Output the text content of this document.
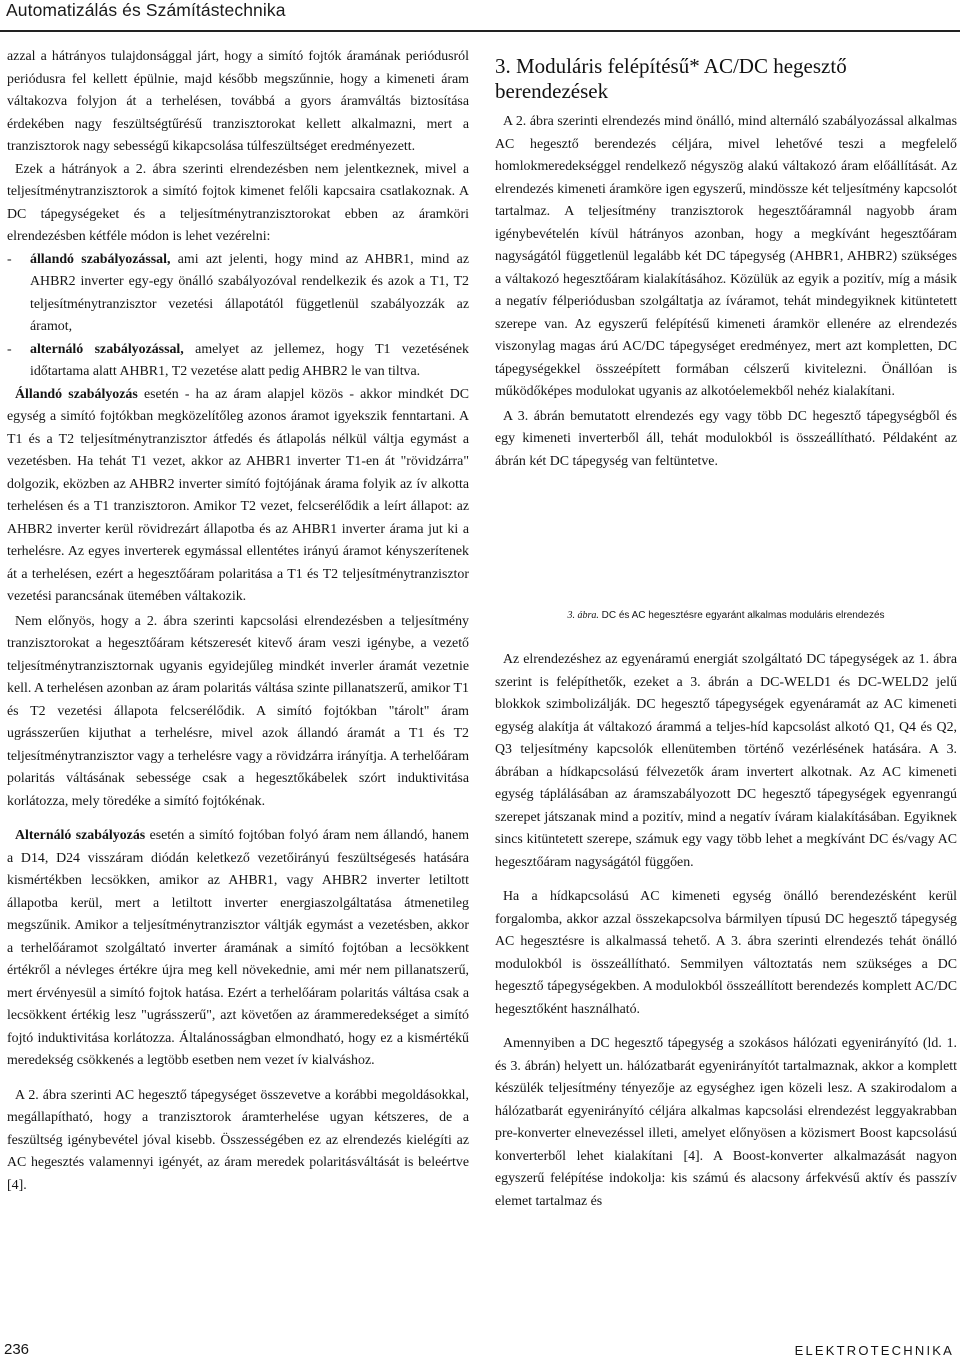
Automatizálás és Számítástechnika

azzal a hátrányos tulajdonsággal járt, hogy a simító fojtók áramának periódusról periódusra fel kellett épülnie, majd később megszűnnie, hogy a kimeneti áram váltakozva folyjon át a terhelésen, továbbá a gyors áramváltás biztosítása érdekében nagy feszültségtűrésű tranzisztorokat kellett alkalmazni, mert a tranzisztorok nagy sebességű kikapcsolása túlfeszültséget eredményezett.

Ezek a hátrányok a 2. ábra szerinti elrendezésben nem jelentkeznek, mivel a teljesítménytranzisztorok a simító fojtok kimenet felőli kapcsaira csatlakoznak. A DC tápegységeket és a teljesítménytranzisztorokat ebben az áramköri elrendezésben kétféle módon is lehet vezérelni:

- állandó szabályozással, ami azt jelenti, hogy mind az AHBR1, mind az AHBR2 inverter egy-egy önálló szabályozóval rendelkezik és azok a T1, T2 teljesítménytranzisztor vezetési állapotától függetlenül szabályozzák az áramot,
- alternáló szabályozással, amelyet az jellemez, hogy T1 vezetésének időtartama alatt AHBR1, T2 vezetése alatt pedig AHBR2 le van tiltva.

Állandó szabályozás esetén - ha az áram alapjel közös - akkor mindkét DC egység a simító fojtókban megközelítőleg azonos áramot igyekszik fenntartani. A T1 és a T2 teljesítménytranzisztor átfedés és átlapolás nélkül váltja egymást a vezetésben. Ha tehát T1 vezet, akkor az AHBR1 inverter T1-en át "rövidzárra" dolgozik, eközben az AHBR2 inverter simító fojtójának árama folyik az ív alkotta terhelésen és a T1 tranzisztoron. Amikor T2 vezet, felcserélődik a leírt állapot: az AHBR2 inverter kerül rövidrezárt állapotba és az AHBR1 inverter árama jut ki a terhelésre. Az egyes inverterek egymással ellentétes irányú áramot kényszerítenek át a terhelésen, ezért a hegesztőáram polaritása a T1 és T2 teljesítménytranzisztor vezetési parancsának ütemében váltakozik.

Nem előnyös, hogy a 2. ábra szerinti kapcsolási elrendezésben a teljesítmény tranzisztorokat a hegesztőáram kétszeresét kitevő áram veszi igénybe, a vezető teljesítménytranzisztornak ugyanis egyidejűleg mindkét inverler áramát vezetnie kell. A terhelésen azonban az áram polaritás váltása szinte pillanatszerű, amikor T1 és T2 vezetési állapota felcserélődik. A simító fojtókban "tárolt" áram ugrásszerűen kijuthat a terhelésre, mivel azok állandó áramát a T1 és T2 teljesítménytranzisztor vagy a terhelésre vagy a rövidzárra irányítja. A terhelőáram polaritás váltásának sebessége csak a hegesztőkábelek szórt induktivitása korlátozza, mely töredéke a simító fojtókénak.

Alternáló szabályozás esetén a simító fojtóban folyó áram nem állandó, hanem a D14, D24 visszáram diódán keletkező vezetőirányú feszültségesés hatására kismértékben lecsökken, amikor az AHBR1, vagy AHBR2 inverter letiltott állapotba kerül, mert a letiltott inverter energiaszolgáltatása átmenetileg megszűnik. Amikor a teljesítménytranzisztor váltják egymást a vezetésben, akkor a terhelőáramot szolgáltató inverter áramának a simító fojtóban a lecsökkent értékről a névleges értékre újra meg kell növekednie, ami mér nem pillanatszerű, mert érvényesül a simító fojtok hatása. Ezért a terhelőáram polaritás váltása csak a lecsökkent értékig lesz "ugrásszerű", azt követően az árammeredekséget a simító fojtó induktivitása korlátozza. Általánosságban elmondható, hogy ez a kismértékű meredekség csökkenés a legtöbb esetben nem vezet ív kialváshoz.

A 2. ábra szerinti AC hegesztő tápegységet összevetve a korábbi megoldásokkal, megállapítható, hogy a tranzisztorok áramterhelése ugyan kétszeres, de a feszültség igénybevétel jóval kisebb. Összességében ez az elrendezés kielégíti az AC hegesztés valamennyi igényét, az áram meredek polaritásváltását is beleértve [4].

3. Moduláris felépítésű* AC/DC hegesztő berendezések

A 2. ábra szerinti elrendezés mind önálló, mind alternáló szabályozással alkalmas AC hegesztő berendezés céljára, mivel lehetővé teszi a megfelelő homlokmeredekséggel rendelkező négyszög alakú váltakozó áram előállítását. Az elrendezés kimeneti áramköre igen egyszerű, mindössze két teljesítmény kapcsolót tartalmaz. A teljesítmény tranzisztorok hegesztőáramnál nagyobb áram igénybevételén kívül hátrányos azonban, hogy a megkívánt hegesztőáram nagyságától függetlenül legalább két DC tápegység (AHBR1, AHBR2) szükséges a váltakozó hegesztőáram kialakításához. Közülük az egyik a pozitív, míg a másik a negatív félperiódusban szolgáltatja az íváramot, tehát mindegyiknek kitüntetett szerepe van. Az egyszerű felépítésű kimeneti áramkör ellenére az elrendezés viszonylag magas árú AC/DC tápegységet eredményez, mert azt kompletten, DC tápegységekkel összeépített formában célszerű kivitelezni. Önállóan is működőképes modulokat ugyanis az alkotóelemekből nehéz kialakítani.

A 3. ábrán bemutatott elrendezés egy vagy több DC hegesztő tápegységből és egy kimeneti inverterből áll, tehát modulokból is összeállítható. Példaként az ábrán két DC tápegység van feltüntetve.

3. ábra. DC és AC hegesztésre egyaránt alkalmas moduláris elrendezés

Az elrendezéshez az egyenáramú energiát szolgáltató DC tápegységek az 1. ábra szerint is felépíthetők, ezeket a 3. ábrán a DC-WELD1 és DC-WELD2 jelű blokkok szimbolizálják. DC hegesztő tápegységek egyenáramát az AC kimeneti egység alakítja át váltakozó árammá a teljes-híd kapcsolást alkotó Q1, Q4 és Q2, Q3 teljesítmény kapcsolók ellenütemben történő vezérlésének hatására. A 3. ábrában a hídkapcsolású félvezetők áram invertert alkotnak. Az AC kimeneti egység táplálásában az áramszabályozott DC hegesztő tápegységek egyenrangú szerepet játszanak mind a pozitív, mind a negatív íváram kialakításában. Egyiknek sincs kitüntetett szerepe, számuk egy vagy több lehet a megkívánt DC és/vagy AC hegesztőáram nagyságától függően.

Ha a hídkapcsolású AC kimeneti egység önálló berendezésként kerül forgalomba, akkor azzal összekapcsolva bármilyen típusú DC hegesztő tápegység AC hegesztésre is alkalmassá tehető. A 3. ábra szerinti elrendezés tehát önálló modulokból is összeállítható. Semmilyen változtatás nem szükséges a DC hegesztő tápegységekben. A modulokból összeállított berendezés komplett AC/DC hegesztőként használható.

Amennyiben a DC hegesztő tápegység a szokásos hálózati egyenirányító (ld. 1. és 3. ábrán) helyett un. hálózatbarát egyenirányítót tartalmaznak, akkor a komplett készülék teljesítmény tényezője az egységhez igen közeli lesz. A szakirodalom a hálózatbarát egyenirányító céljára alkalmas kapcsolási elrendezést leggyakrabban pre-konverter elnevezéssel illeti, amelyet előnyösen a közismert Boost kapcsolású konverterből lehet kialakítani [4]. A Boost-konverter alkalmazását nagyon egyszerű felépítése indokolja: kis számú és alacsony árfekvésű aktív és passzív elemet tartalmaz és

236	ELEKTROTECHNIKA
